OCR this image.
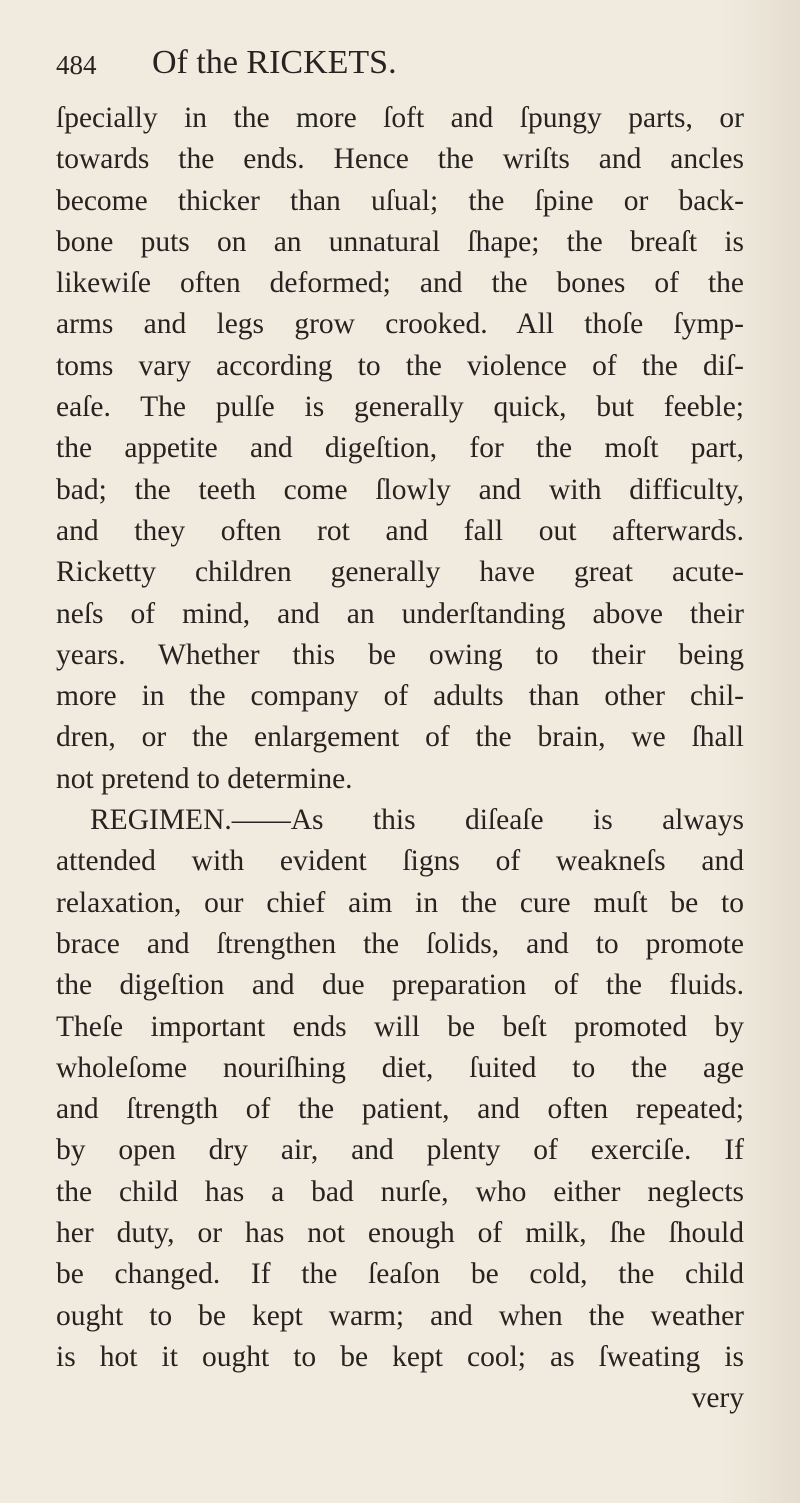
484 Of the RICKETS.
ſpecially in the more ſoft and ſpungy parts, or
towards the ends. Hence the wriſts and ancles
become thicker than uſual; the ſpine or back-
bone puts on an unnatural ſhape; the breaſt is
likewiſe often deformed; and the bones of the
arms and legs grow crooked. All thoſe ſymp-
toms vary according to the violence of the diſ-
eaſe. The pulſe is generally quick, but feeble;
the appetite and digeſtion, for the moſt part,
bad; the teeth come ſlowly and with difficulty,
and they often rot and fall out afterwards.
Ricketty children generally have great acute-
neſs of mind, and an underſtanding above their
years. Whether this be owing to their being
more in the company of adults than other chil-
dren, or the enlargement of the brain, we ſhall
not pretend to determine.
REGIMEN.——As this diſeaſe is always
attended with evident ſigns of weakneſs and
relaxation, our chief aim in the cure muſt be to
brace and ſtrengthen the ſolids, and to promote
the digeſtion and due preparation of the fluids.
Theſe important ends will be beſt promoted by
wholeſome nouriſhing diet, ſuited to the age
and ſtrength of the patient, and often repeated;
by open dry air, and plenty of exerciſe. If
the child has a bad nurſe, who either neglects
her duty, or has not enough of milk, ſhe ſhould
be changed. If the ſeaſon be cold, the child
ought to be kept warm; and when the weather
is hot it ought to be kept cool; as ſweating is
very
